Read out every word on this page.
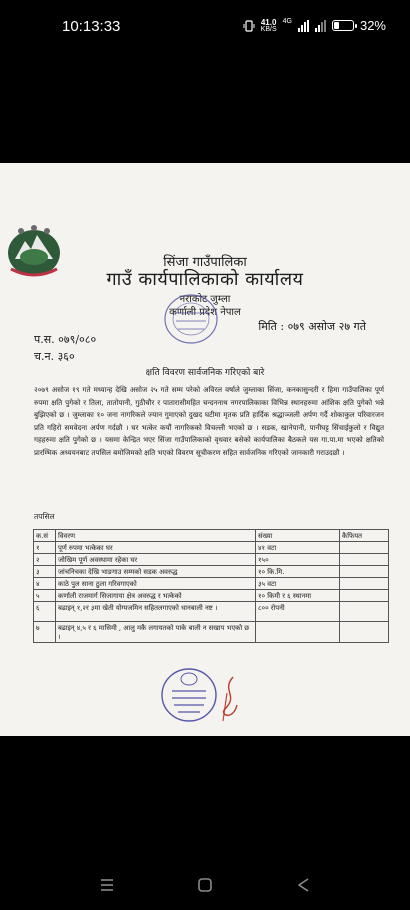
10:13:33	41.0
KB/S
4G	32%
सिंजा गाउँपालिका
गाउँ कार्यपालिकाको कार्यालय
नराकोट जुम्ला
कर्णाली प्रदेश नेपाल
मिति : ०७९ असोज २७ गते
प.स. ०७९/०८०
च.न. ३६०
क्षति विवरण सार्वजनिक गरिएको बारे
२०७९ असोज १९ गते मध्यान्ह देखि असोज २५ गते सम्म परेको अविरल वर्षाले जुम्लाका सिंजा, कनकासुन्दरी र हिमा गाउँपालिका पूर्ण रुपमा क्षति पुगेको र तिला, तातोपानी, गुठीचौर र पातारासीमहित चन्दननाथ नगरपालिकाका विभिन्न स्थानहरुमा आंशिक क्षति पुगेको भन्ने बुझिएको छ । जुम्लाका १० जना नागरिकले ज्यान गुमाएको दुखद घटीमा मृतक प्रति हार्दिक श्रद्धाञ्जली अर्पण गर्दै शोकाकुल परिवारजन प्रति गहिरो समवेदना अर्पण गर्दछौ । घर भत्केर कयौं नागरिकको विचल्ली भएको छ । सडक, खानेपानी, पानीघट्ट सिंचाईकुलो र विद्युत गहहरुमा क्षति पुगेको छ । यसमा केन्द्रित भएर सिंजा गाउँपालिकाको वृधवार बसेको कार्यपालिका बैठकले यस गा.पा.मा भएको क्षतिको प्रारम्भिक अध्ययनबाट तपसिल बमोजिमको क्षति भएको विवरण सूचीकरण सहित सार्वजनिक गरिएको जानकारी गराउदछौ ।
तपसिल
क.सं	विवरण	संख्या	कैफियत
१	पूर्ण रुपमा भत्केका घर	४१ वटा	
२	जोखिम पूर्ण अवस्थामा रहेका घर	१५०	
३	जांचनिचका देखि भाङगाउ सम्मको सडक अवरुद्ध	१० कि.मि.	
४	काठे पुल साना ठुला गरिवगाएको	३५ वटा	
५	कर्णाली राजमार्ग सिजागाया क्षेत्र अवरुद्ध र भत्केको	१० किमी र ६ स्थानमा	
६	बढाइन् १,२र ३मा खेती योग्यजमिन सहितलगाएको धानबाली नष्ट ।	८०० रोपनी	
७	बढाइन् ४,५ र ६ मासिमी , आलु मकै लगायतको पाके बाली न सखाप भएको छ ।		
